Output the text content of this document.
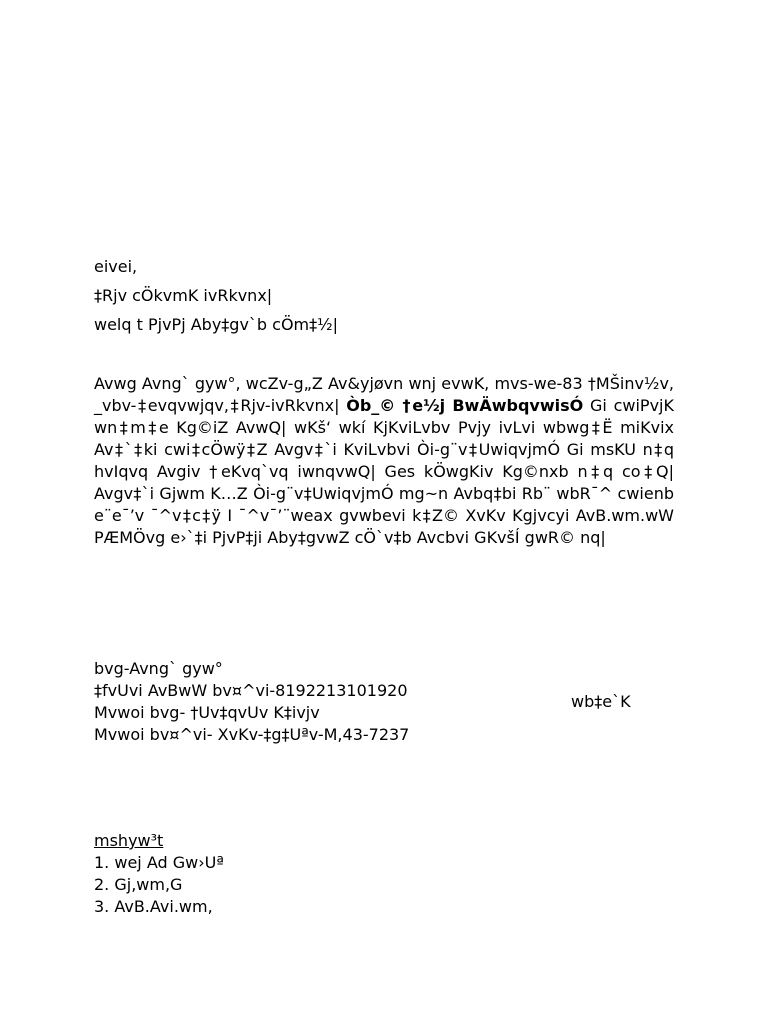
eivei,
‡Rjv cÖkvmK ivRkvnx|
welq t PjvPj Aby‡gv`b cÖm‡½|
Avwg Avng` gyw°, wcZv-g„Z Av&yjøvn wnj evwK, mvs-we-83 †MŠinv½v, _vbv-‡evqvwjqv,‡Rjv-ivRkvnx| Òb_© †e½j BwÄwbqvwisÓ Gi cwiPvjK wn‡m‡e Kg©iZ AvwQ| wKš‘ wkí KjKviLvbv Pvjy ivLvi wbwg‡Ë miKvix Av‡`‡ki cwi‡cÖwÿ‡Z Avgv‡`i KviLvbvi Òi-g¨v‡UwiqvjmÓ Gi msKU n‡q hvIqvq Avgiv †eKvq`vq iwnqvwQ| Ges kÖwgKiv Kg©nxb n‡q co‡Q| Avgv‡`i Gjwm K…Z Òi-g¨v‡UwiqvjmÓ mg~n Avbq‡bi Rb¨ wbR¯^ cwienb e¨e¯’v ¯^v‡c‡ÿ I ¯^v¯’¨weax gvwbevi k‡Z© XvKv Kgjvcyi AvB.wm.wW PÆMÖvg e›`‡i PjvP‡ji Aby‡gvwZ cÖ`v‡b Avcbvi GKvšÍ gwR© nq|
bvg-Avng` gyw°
‡fvUvi AvBwW bv¤^vi-8192213101920
Mvwoi bvg- †Uv‡qvUv K‡ivjv
Mvwoi bv¤^vi- XvKv-‡g‡Uªv-M,43-7237
wb‡e`K
mshyw³t
1. wej Ad Gw›Uª
2. Gj,wm,G
3. AvB.Avi.wm,
